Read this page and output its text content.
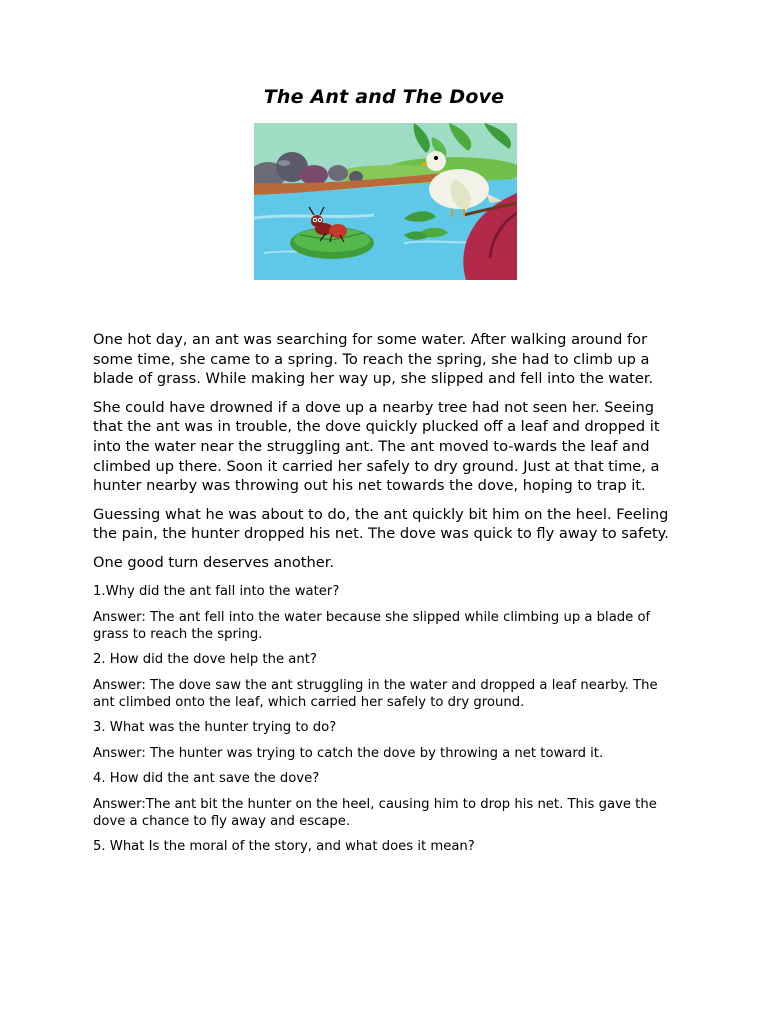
The Ant and The Dove

One hot day, an ant was searching for some water. After walking around for some time, she came to a spring. To reach the spring, she had to climb up a blade of grass. While making her way up, she slipped and fell into the water.

She could have drowned if a dove up a nearby tree had not seen her. Seeing that the ant was in trouble, the dove quickly plucked off a leaf and dropped it into the water near the struggling ant. The ant moved to-wards the leaf and climbed up there. Soon it carried her safely to dry ground. Just at that time, a hunter nearby was throwing out his net towards the dove, hoping to trap it.

Guessing what he was about to do, the ant quickly bit him on the heel. Feeling the pain, the hunter dropped his net. The dove was quick to fly away to safety.

One good turn deserves another.

1.Why did the ant fall into the water?

Answer: The ant fell into the water because she slipped while climbing up a blade of grass to reach the spring.

2. How did the dove help the ant?

Answer: The dove saw the ant struggling in the water and dropped a leaf nearby. The ant climbed onto the leaf, which carried her safely to dry ground.

3. What was the hunter trying to do?

Answer: The hunter was trying to catch the dove by throwing a net toward it.

4. How did the ant save the dove?

Answer:The ant bit the hunter on the heel, causing him to drop his net. This gave the dove a chance to fly away and escape.

5. What Is the moral of the story, and what does it mean?
